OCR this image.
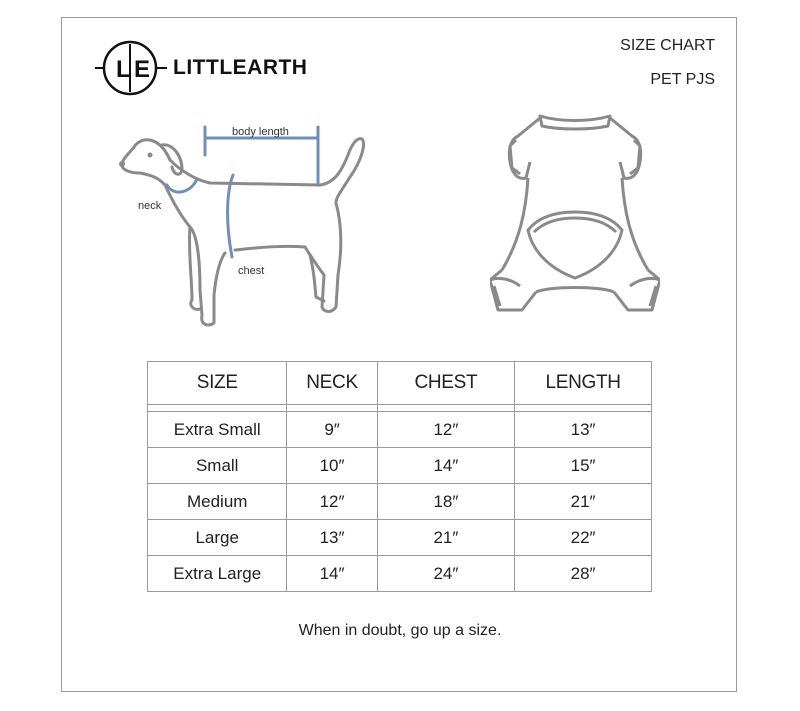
L E LITTLEARTH
SIZE CHART
PET PJS
body length
neck
chest
SIZE	NECK	CHEST	LENGTH

Extra Small	9″	12″	13″
Small	10″	14″	15″
Medium	12″	18″	21″
Large	13″	21″	22″
Extra Large	14″	24″	28″
When in doubt, go up a size.
